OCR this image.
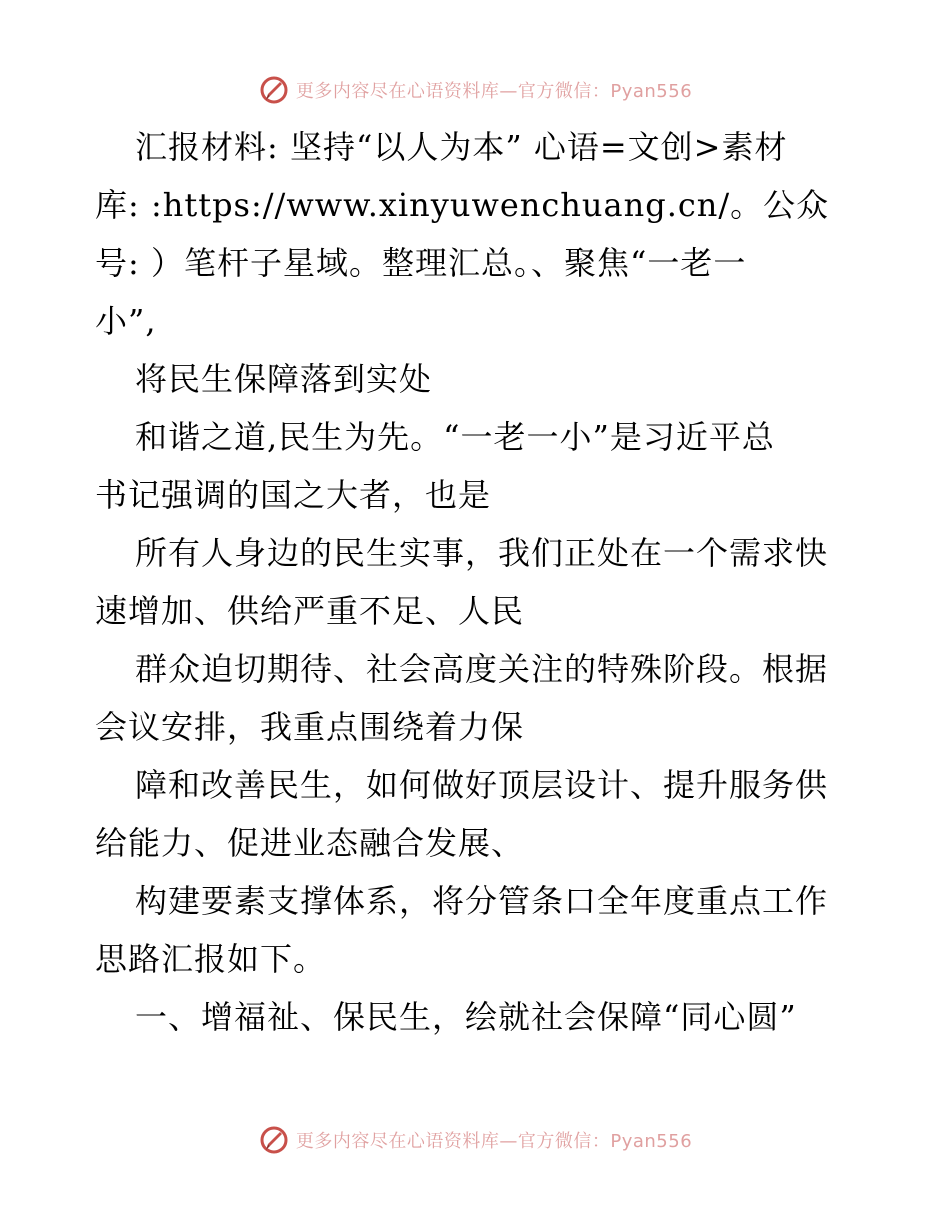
更多内容尽在心语资料库—官方微信：Pyan556
汇报材料: 坚持“以人为本” 心语=文创>素材
库: :https://www.xinyuwenchuang.cn/。公众
号: ）笔杆子星域。整理汇总。、聚焦“一老一
小”,
将民生保障落到实处
和谐之道,民生为先。“一老一小”是习近平总
书记强调的国之大者，也是
所有人身边的民生实事，我们正处在一个需求快
速增加、供给严重不足、人民
群众迫切期待、社会高度关注的特殊阶段。根据
会议安排，我重点围绕着力保
障和改善民生，如何做好顶层设计、提升服务供
给能力、促进业态融合发展、
构建要素支撑体系，将分管条口全年度重点工作
思路汇报如下。
一、增福祉、保民生，绘就社会保障“同心圆”
更多内容尽在心语资料库—官方微信：Pyan556
